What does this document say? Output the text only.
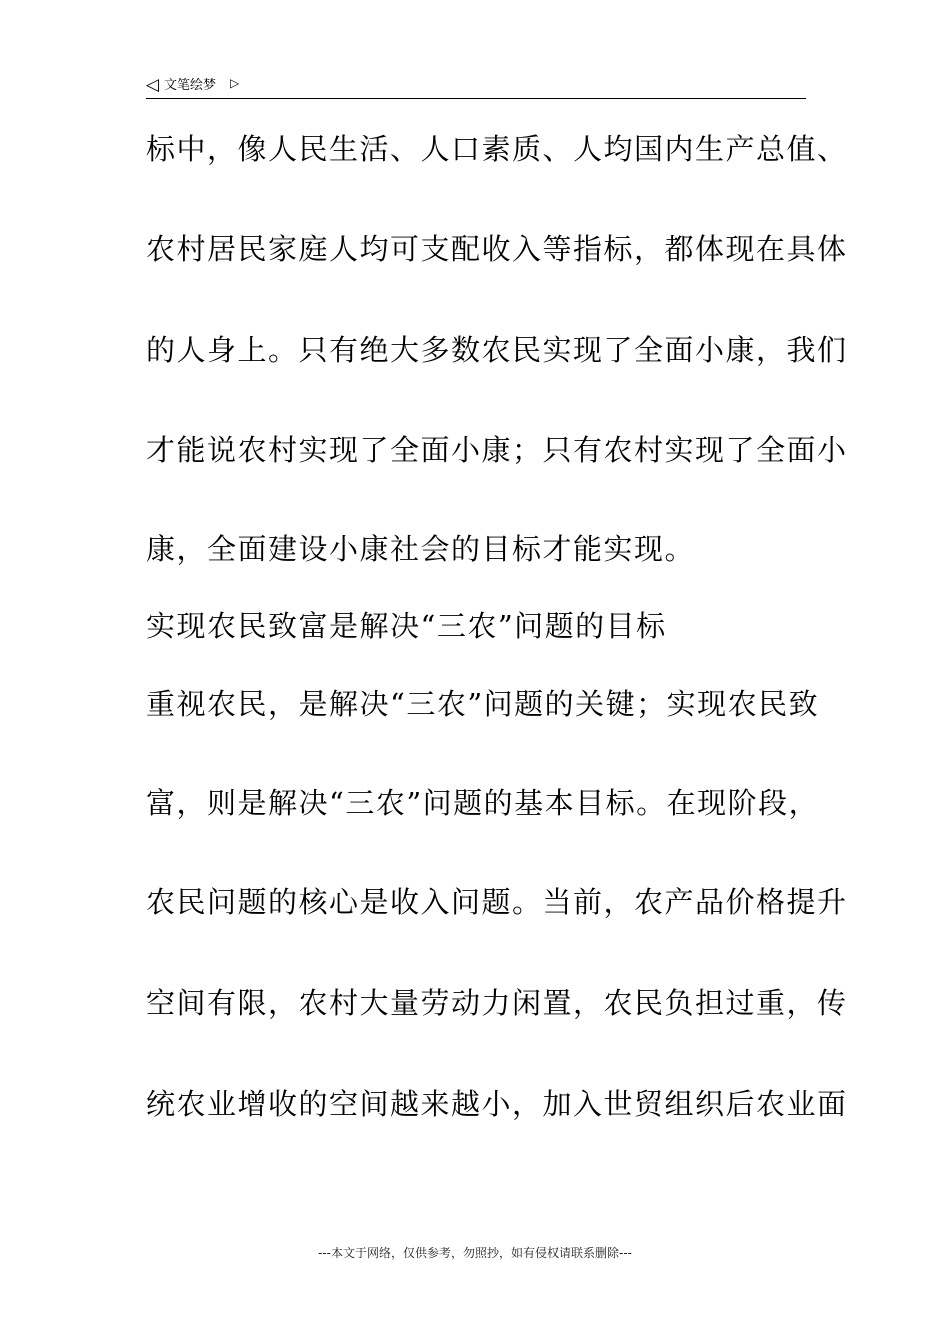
◁ 文笔绘梦 ▷
标中，像人民生活、人口素质、人均国内生产总值、
农村居民家庭人均可支配收入等指标，都体现在具体
的人身上。只有绝大多数农民实现了全面小康，我们
才能说农村实现了全面小康；只有农村实现了全面小
康，全面建设小康社会的目标才能实现。
实现农民致富是解决“三农”问题的目标
重视农民，是解决“三农”问题的关键；实现农民致
富，则是解决“三农”问题的基本目标。在现阶段，
农民问题的核心是收入问题。当前，农产品价格提升
空间有限，农村大量劳动力闲置，农民负担过重，传
统农业增收的空间越来越小，加入世贸组织后农业面
---本文于网络，仅供参考，勿照抄，如有侵权请联系删除---
